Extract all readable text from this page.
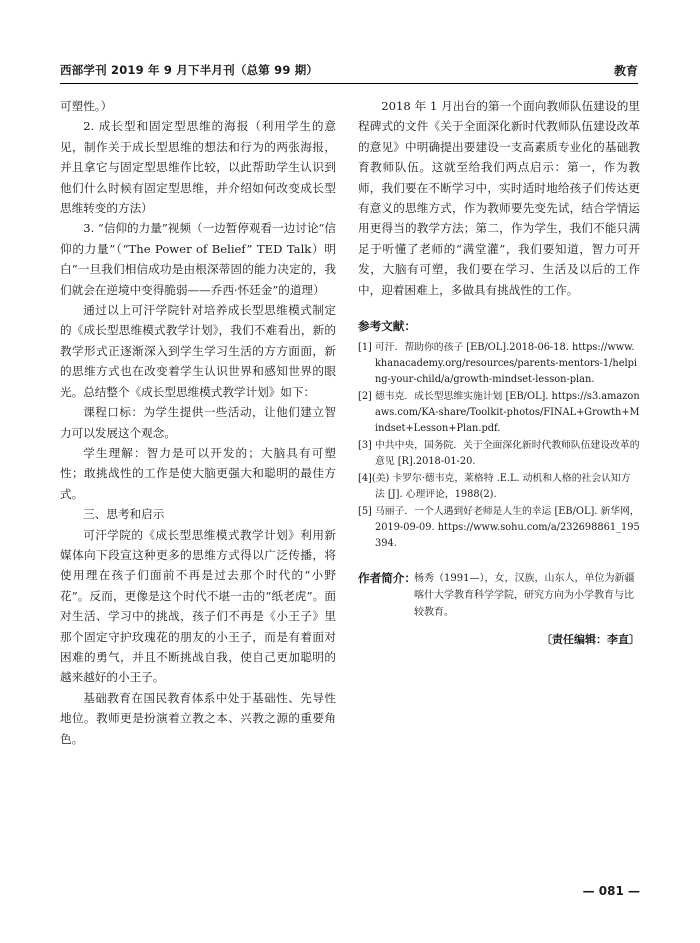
西部学刊 2019 年 9 月下半月刊（总第 99 期）	教育

可塑性。）

2. 成长型和固定型思维的海报（利用学生的意见，制作关于成长型思维的想法和行为的两张海报，并且拿它与固定型思维作比较，以此帮助学生认识到他们什么时候有固定型思维，并介绍如何改变成长型思维转变的方法）

3. “信仰的力量”视频（一边暂停观看一边讨论“信仰的力量”（“The Power of Belief” TED Talk）明白“一旦我们相信成功是由根深蒂固的能力决定的，我们就会在逆境中变得脆弱——乔西·怀廷金”的道理）

通过以上可汗学院针对培养成长型思维模式制定的《成长型思维模式教学计划》，我们不难看出，新的教学形式正逐渐深入到学生学习生活的方方面面，新的思维方式也在改变着学生认识世界和感知世界的眼光。总结整个《成长型思维模式教学计划》如下：

课程口标：为学生提供一些活动，让他们建立智力可以发展这个观念。

学生理解：智力是可以开发的；大脑具有可塑性；敢挑战性的工作是使大脑更强大和聪明的最佳方式。

三、思考和启示

可汗学院的《成长型思维模式教学计划》利用新媒体向下段宣这种更多的思维方式得以广泛传播，将使用理在孩子们面前不再是过去那个时代的“小野花”。反而，更像是这个时代不堪一击的“纸老虎”。面对生活、学习中的挑战，孩子们不再是《小王子》里那个固定守护玫瑰花的朋友的小王子，而是有着面对困难的勇气，并且不断挑战自我，使自己更加聪明的越来越好的小王子。

基础教育在国民教育体系中处于基础性、先导性地位。教师更是扮演着立教之本、兴教之源的重要角色。

2018 年 1 月出台的第一个面向教师队伍建设的里程碑式的文件《关于全面深化新时代教师队伍建设改革的意见》中明确提出要建设一支高素质专业化的基础教育教师队伍。这就至给我们两点启示：第一，作为教师，我们要在不断学习中，实时适时地给孩子们传达更有意义的思维方式，作为教师要先变先试，结合学情运用更得当的教学方法；第二，作为学生，我们不能只满足于听懂了老师的“满堂灌”，我们要知道，智力可开发，大脑有可塑，我们要在学习、生活及以后的工作中，迎着困难上，多做具有挑战性的工作。

参考文献：

[1] 可汗．帮助你的孩子 [EB/OL].2018-06-18. https://www.khanacademy.org/resources/parents-mentors-1/helping-your-child/a/growth-mindset-lesson-plan.

[2] 德韦克．成长型思维实施计划 [EB/OL]. https://s3.amazonaws.com/KA-share/Toolkit-photos/FINAL+Growth+Mindset+Lesson+Plan.pdf.

[3] 中共中央，国务院．关于全面深化新时代教师队伍建设改革的意见 [R].2018-01-20.

[4](美) 卡罗尔·德韦克，莱格特 .E.L. 动机和人格的社会认知方法 [J]. 心理评论，1988(2).

[5] 马丽子．一个人遇到好老师是人生的幸运 [EB/OL]. 新华网，2019-09-09. https://www.sohu.com/a/232698861_195394.

作者简介：
杨秀（1991—），女，汉族，山东人，单位为新疆喀什大学教育科学学院，研究方向为小学教育与比较教育。
〔责任编辑：李直〕
— 081 —
